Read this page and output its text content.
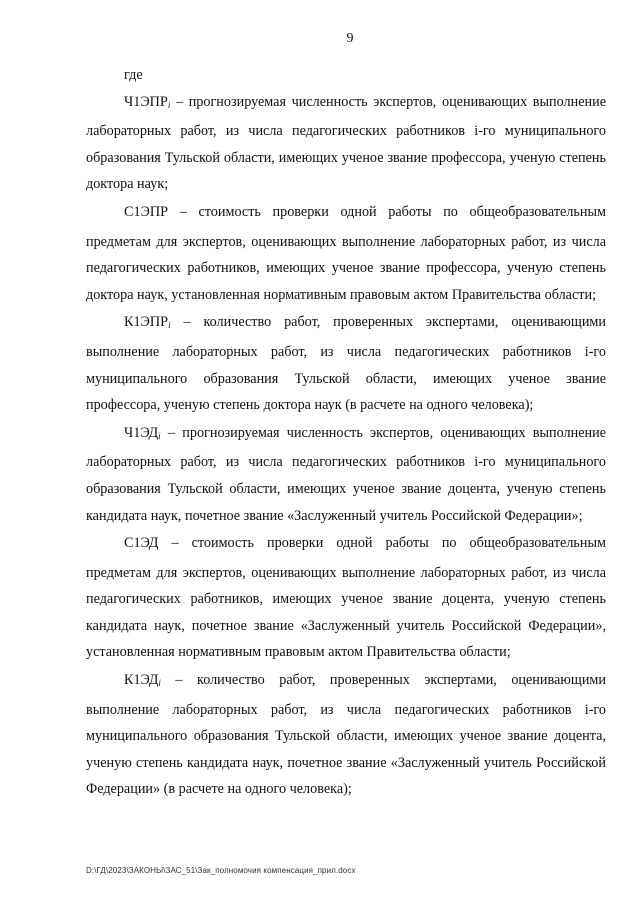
9

где

$Ч1ЭПР_i$ – прогнозируемая численность экспертов, оценивающих выполнение лабораторных работ, из числа педагогических работников i-го муниципального образования Тульской области, имеющих ученое звание профессора, ученую степень доктора наук;

С1ЭПР – стоимость проверки одной работы по общеобразовательным предметам для экспертов, оценивающих выполнение лабораторных работ, из числа педагогических работников, имеющих ученое звание профессора, ученую степень доктора наук, установленная нормативным правовым актом Правительства области;

$К1ЭПР_i$ – количество работ, проверенных экспертами, оценивающими выполнение лабораторных работ, из числа педагогических работников i-го муниципального образования Тульской области, имеющих ученое звание профессора, ученую степень доктора наук (в расчете на одного человека);

$Ч1ЭД_i$ – прогнозируемая численность экспертов, оценивающих выполнение лабораторных работ, из числа педагогических работников i-го муниципального образования Тульской области, имеющих ученое звание доцента, ученую степень кандидата наук, почетное звание «Заслуженный учитель Российской Федерации»;

С1ЭД – стоимость проверки одной работы по общеобразовательным предметам для экспертов, оценивающих выполнение лабораторных работ, из числа педагогических работников, имеющих ученое звание доцента, ученую степень кандидата наук, почетное звание «Заслуженный учитель Российской Федерации», установленная нормативным правовым актом Правительства области;

$К1ЭД_i$ – количество работ, проверенных экспертами, оценивающими выполнение лабораторных работ, из числа педагогических работников i-го муниципального образования Тульской области, имеющих ученое звание доцента, ученую степень кандидата наук, почетное звание «Заслуженный учитель Российской Федерации» (в расчете на одного человека);

D:\ГД\2023\ЗАКОНЫ\ЗАС_51\Зак_полномочия компенсация_прил.docx
